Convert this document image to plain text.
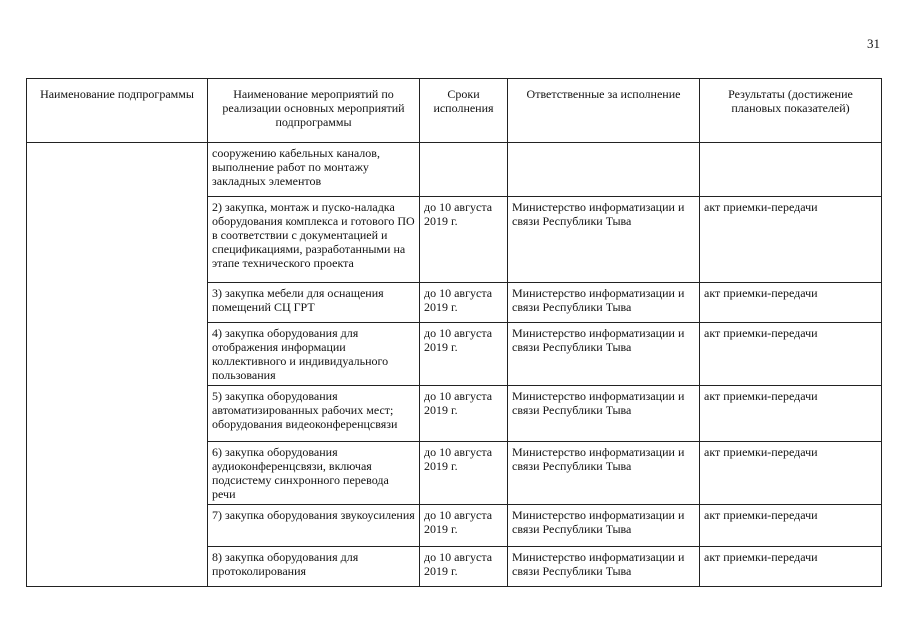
31
Наименование подпрограммы	Наименование мероприятий по реализации основных мероприятий подпрограммы	Сроки исполнения	Ответственные за исполнение	Результаты (достижение плановых показателей)
	сооружению кабельных каналов, выполнение работ по монтажу закладных элементов			
	2) закупка, монтаж и пуско-наладка оборудования комплекса и готового ПО в соответствии с документацией и спецификациями, разработанными на этапе технического проекта	до 10 августа 2019 г.	Министерство информатизации и связи Республики Тыва	акт приемки-передачи
	3) закупка мебели для оснащения помещений СЦ ГРТ	до 10 августа 2019 г.	Министерство информатизации и связи Республики Тыва	акт приемки-передачи
	4) закупка оборудования для отображения информации коллективного и индивидуального пользования	до 10 августа 2019 г.	Министерство информатизации и связи Республики Тыва	акт приемки-передачи
	5) закупка оборудования автоматизированных рабочих мест; оборудования видеоконференцсвязи	до 10 августа 2019 г.	Министерство информатизации и связи Республики Тыва	акт приемки-передачи
	6) закупка оборудования аудиоконференцсвязи, включая подсистему синхронного перевода речи	до 10 августа 2019 г.	Министерство информатизации и связи Республики Тыва	акт приемки-передачи
	7) закупка оборудования звукоусиления	до 10 августа 2019 г.	Министерство информатизации и связи Республики Тыва	акт приемки-передачи
	8) закупка оборудования для протоколирования	до 10 августа 2019 г.	Министерство информатизации и связи Республики Тыва	акт приемки-передачи
